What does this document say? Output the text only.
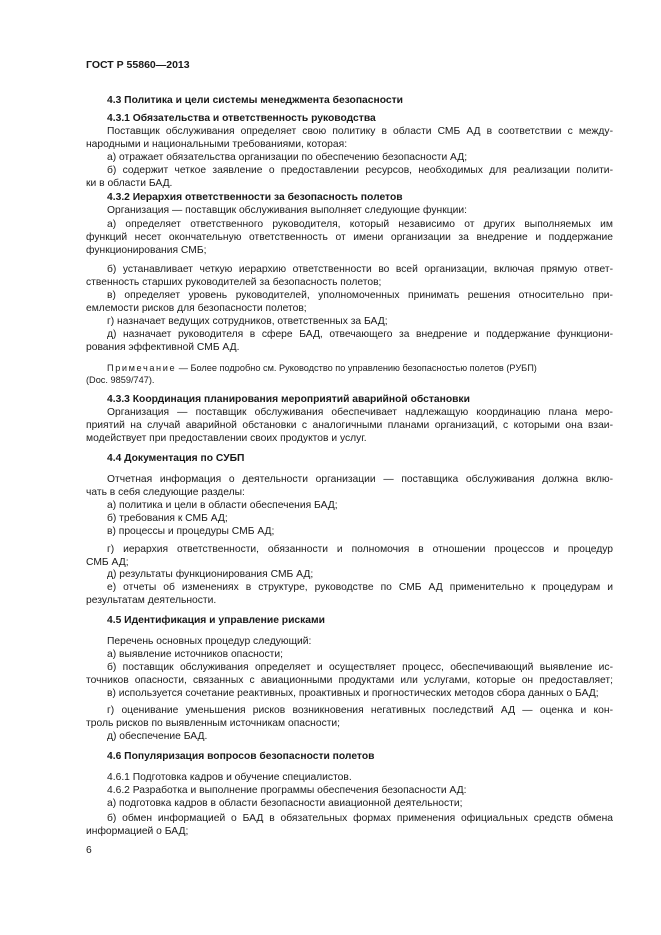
ГОСТ Р 55860—2013
4.3 Политика и цели системы менеджмента безопасности
4.3.1 Обязательства и ответственность руководства
Поставщик обслуживания определяет свою политику в области СМБ АД в соответствии с между-
народными и национальными требованиями, которая:
а) отражает обязательства организации по обеспечению безопасности АД;
б) содержит четкое заявление о предоставлении ресурсов, необходимых для реализации полити-
ки в области БАД.
4.3.2 Иерархия ответственности за безопасность полетов
Организация — поставщик обслуживания выполняет следующие функции:
а) определяет ответственного руководителя, который независимо от других выполняемых им
функций несет окончательную ответственность от имени организации за внедрение и поддержание
функционирования СМБ;
б) устанавливает четкую иерархию ответственности во всей организации, включая прямую ответ-
ственность старших руководителей за безопасность полетов;
в) определяет уровень руководителей, уполномоченных принимать решения относительно при-
емлемости рисков для безопасности полетов;
г) назначает ведущих сотрудников, ответственных за БАД;
д) назначает руководителя в сфере БАД, отвечающего за внедрение и поддержание функциони-
рования эффективной СМБ АД.
Примечание — Более подробно см. Руководство по управлению безопасностью полетов (РУБП)
(Doc. 9859/747).
4.3.3 Координация планирования мероприятий аварийной обстановки
Организация — поставщик обслуживания обеспечивает надлежащую координацию плана меро-
приятий на случай аварийной обстановки с аналогичными планами организаций, с которыми она взаи-
модействует при предоставлении своих продуктов и услуг.
4.4 Документация по СУБП
Отчетная информация о деятельности организации — поставщика обслуживания должна вклю-
чать в себя следующие разделы:
а) политика и цели в области обеспечения БАД;
б) требования к СМБ АД;
в) процессы и процедуры СМБ АД;
г) иерархия ответственности, обязанности и полномочия в отношении процессов и процедур
СМБ АД;
д) результаты функционирования СМБ АД;
е) отчеты об изменениях в структуре, руководстве по СМБ АД применительно к процедурам и
результатам деятельности.
4.5 Идентификация и управление рисками
Перечень основных процедур следующий:
а) выявление источников опасности;
б) поставщик обслуживания определяет и осуществляет процесс, обеспечивающий выявление ис-
точников опасности, связанных с авиационными продуктами или услугами, которые он предоставляет;
в) используется сочетание реактивных, проактивных и прогностических методов сбора данных о БАД;
г) оценивание уменьшения рисков возникновения негативных последствий АД — оценка и кон-
троль рисков по выявленным источникам опасности;
д) обеспечение БАД.
4.6 Популяризация вопросов безопасности полетов
4.6.1 Подготовка кадров и обучение специалистов.
4.6.2 Разработка и выполнение программы обеспечения безопасности АД:
а) подготовка кадров в области безопасности авиационной деятельности;
б) обмен информацией о БАД в обязательных формах применения официальных средств обмена
информацией о БАД;
6
